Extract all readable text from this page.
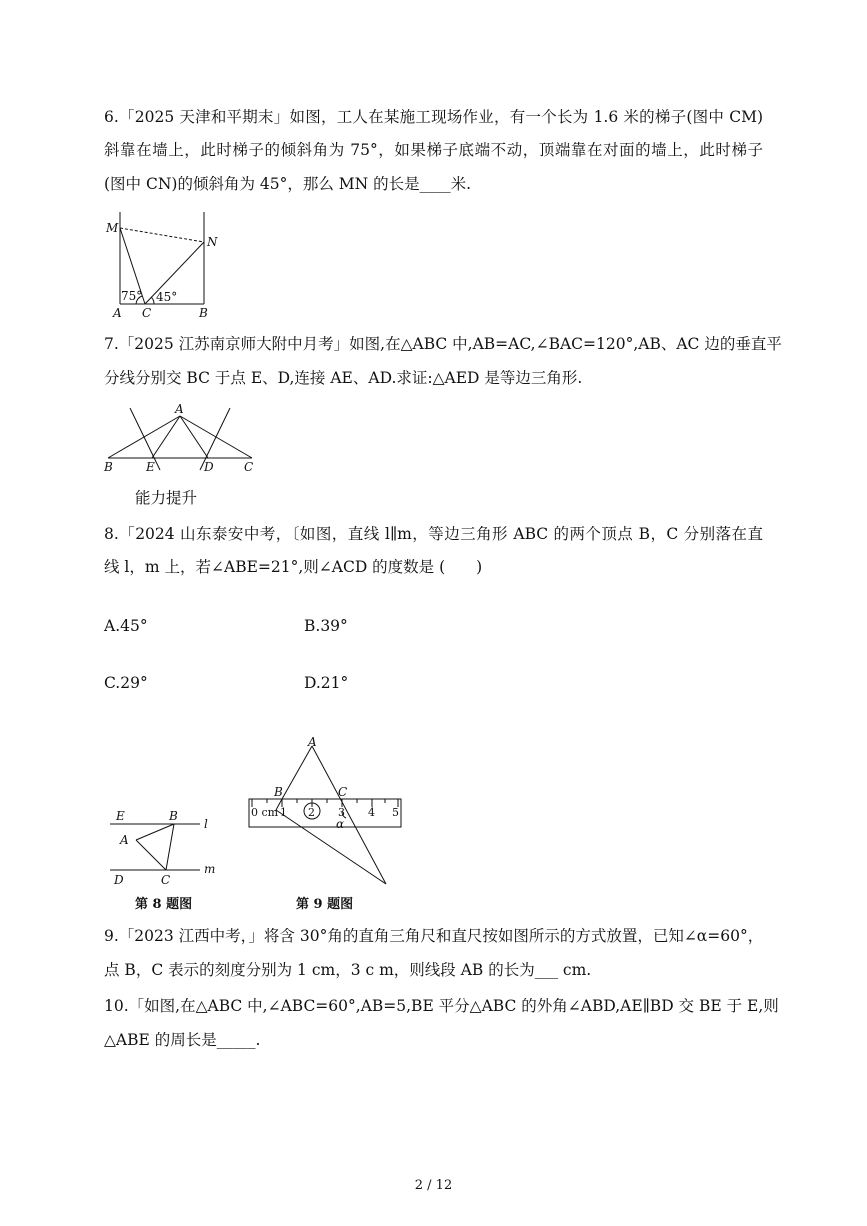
6.「2025 天津和平期末」如图，工人在某施工现场作业，有一个长为 1.6 米的梯子(图中 CM)
斜靠在墙上，此时梯子的倾斜角为 75°，如果梯子底端不动，顶端靠在对面的墙上，此时梯子
(图中 CN)的倾斜角为 45°，那么 MN 的长是____米.
M
N
A C	B
75° 45°
7.「2025 江苏南京师大附中月考」如图,在△ABC 中,AB=AC,∠BAC=120°,AB、AC 边的垂直平
分线分别交 BC 于点 E、D,连接 AE、AD.求证:△AED 是等边三角形.
A
B	E	D	C
能力提升
8.「2024 山东泰安中考，〔如图，直线 l∥m，等边三角形 ABC 的两个顶点 B，C 分别落在直
线 l，m 上，若∠ABE=21°,则∠ACD 的度数是 (　　)
A.45°	B.39°
C.29°	D.21°
E	B
l
A
D	C
m
第 8 题图
0 cm 1 2 3 4 5
A
B	C
α
第 9 题图
9.「2023 江西中考，」将含 30°角的直角三角尺和直尺按如图所示的方式放置，已知∠α=60°，
点 B，C 表示的刻度分别为 1 cm，3 c m，则线段 AB 的长为___ cm.
10.「如图,在△ABC 中,∠ABC=60°,AB=5,BE 平分△ABC 的外角∠ABD,AE∥BD 交 BE 于 E,则
△ABE 的周长是_____.
2 / 12
